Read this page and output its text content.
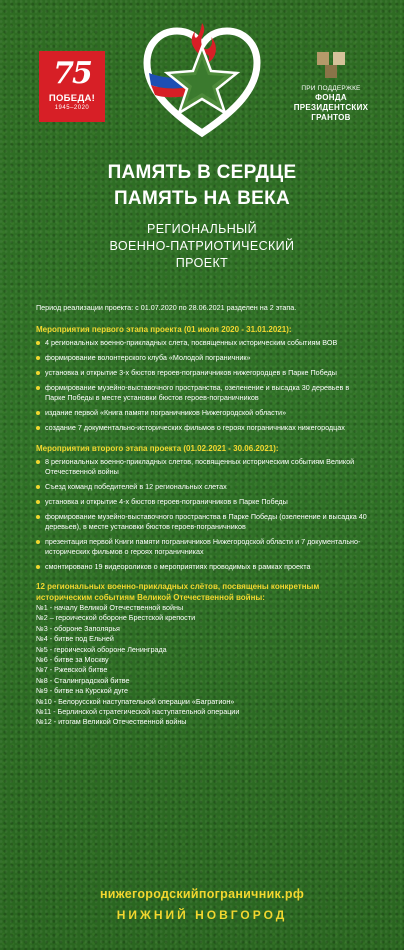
75
ПОБЕДА!
1945–2020
ПРИ ПОДДЕРЖКЕ
ФОНДА
ПРЕЗИДЕНТСКИХ
ГРАНТОВ
ПАМЯТЬ В СЕРДЦЕ
ПАМЯТЬ НА ВЕКА
РЕГИОНАЛЬНЫЙ
ВОЕННО-ПАТРИОТИЧЕСКИЙ
ПРОЕКТ
Период реализации проекта: с 01.07.2020 по 28.06.2021 разделен на 2 этапа.
Мероприятия первого этапа проекта (01 июля 2020 - 31.01.2021):
4 региональных военно-прикладных слета, посвященных историческим событиям ВОВ
формирование волонтерского клуба «Молодой пограничник»
установка и открытие 3-х бюстов героев-пограничников нижегородцев в Парке Победы
формирование музейно-выставочного пространства, озеленение и высадка 30 деревьев в Парке Победы в месте установки бюстов героев-пограничников
издание первой «Книга памяти пограничников Нижегородской области»
создание 7 документально-исторических фильмов о героях пограничниках нижегородцах
Мероприятия второго этапа проекта (01.02.2021 - 30.06.2021):
8 региональных военно-прикладных слетов, посвященных историческим событиям Великой Отечественной войны
Съезд команд победителей в 12 региональных слетах
установка и открытие 4-х бюстов героев-пограничников в Парке Победы
формирование музейно-выставочного пространства в Парке Победы (озеленение и высадка 40 деревьев), в месте установки бюстов героев-пограничников
презентация первой Книги памяти пограничников Нижегородской области и 7 документально-исторических фильмов о героях пограничниках
смонтировано 19 видеороликов о мероприятиях проводимых в рамках проекта
12 региональных военно-прикладных слётов, посвящены конкретным историческим событиям Великой Отечественной войны:
№1 - началу Великой Отечественной войны
№2 – героической обороне Брестской крепости
№3 - обороне Заполярья
№4 - битве под Ельней
№5 - героической обороне Ленинграда
№6 - битве за Москву
№7 - Ржевской битве
№8 - Сталинградской битве
№9 - битве на Курской дуге
№10 - Белорусской наступательной операции «Багратион»
№11 - Берлинской стратегической наступательной операции
№12 - итогам Великой Отечественной войны
нижегородскийпограничник.рф
НИЖНИЙ НОВГОРОД
